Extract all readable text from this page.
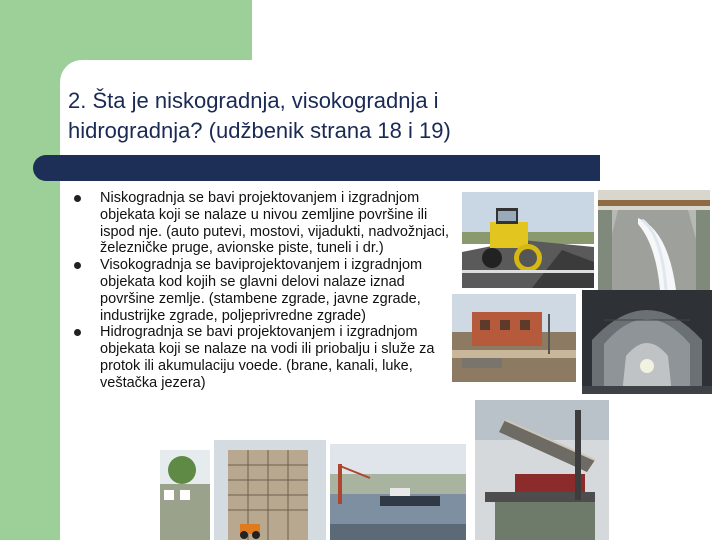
2. Šta je niskogradnja, visokogradnja i
hidrogradnja? (udžbenik strana 18 i 19)
Niskogradnja se bavi projektovanjem i izgradnjom objekata koji se nalaze u nivou zemljine površine ili ispod nje. (auto putevi, mostovi, vijadukti, nadvožnjaci, železničke pruge, avionske piste, tuneli i dr.)
Visokogradnja se baviprojektovanjem i izgradnjom objekata kod kojih se glavni delovi nalaze iznad površine zemlje. (stambene zgrade, javne zgrade, industrijke zgrade, poljeprivredne zgrade)
Hidrogradnja se bavi projektovanjem i izgradnjom objekata koji se nalaze na vodi ili priobalju i služe za protok ili akumulaciju voede. (brane, kanali, luke, veštačka jezera)
